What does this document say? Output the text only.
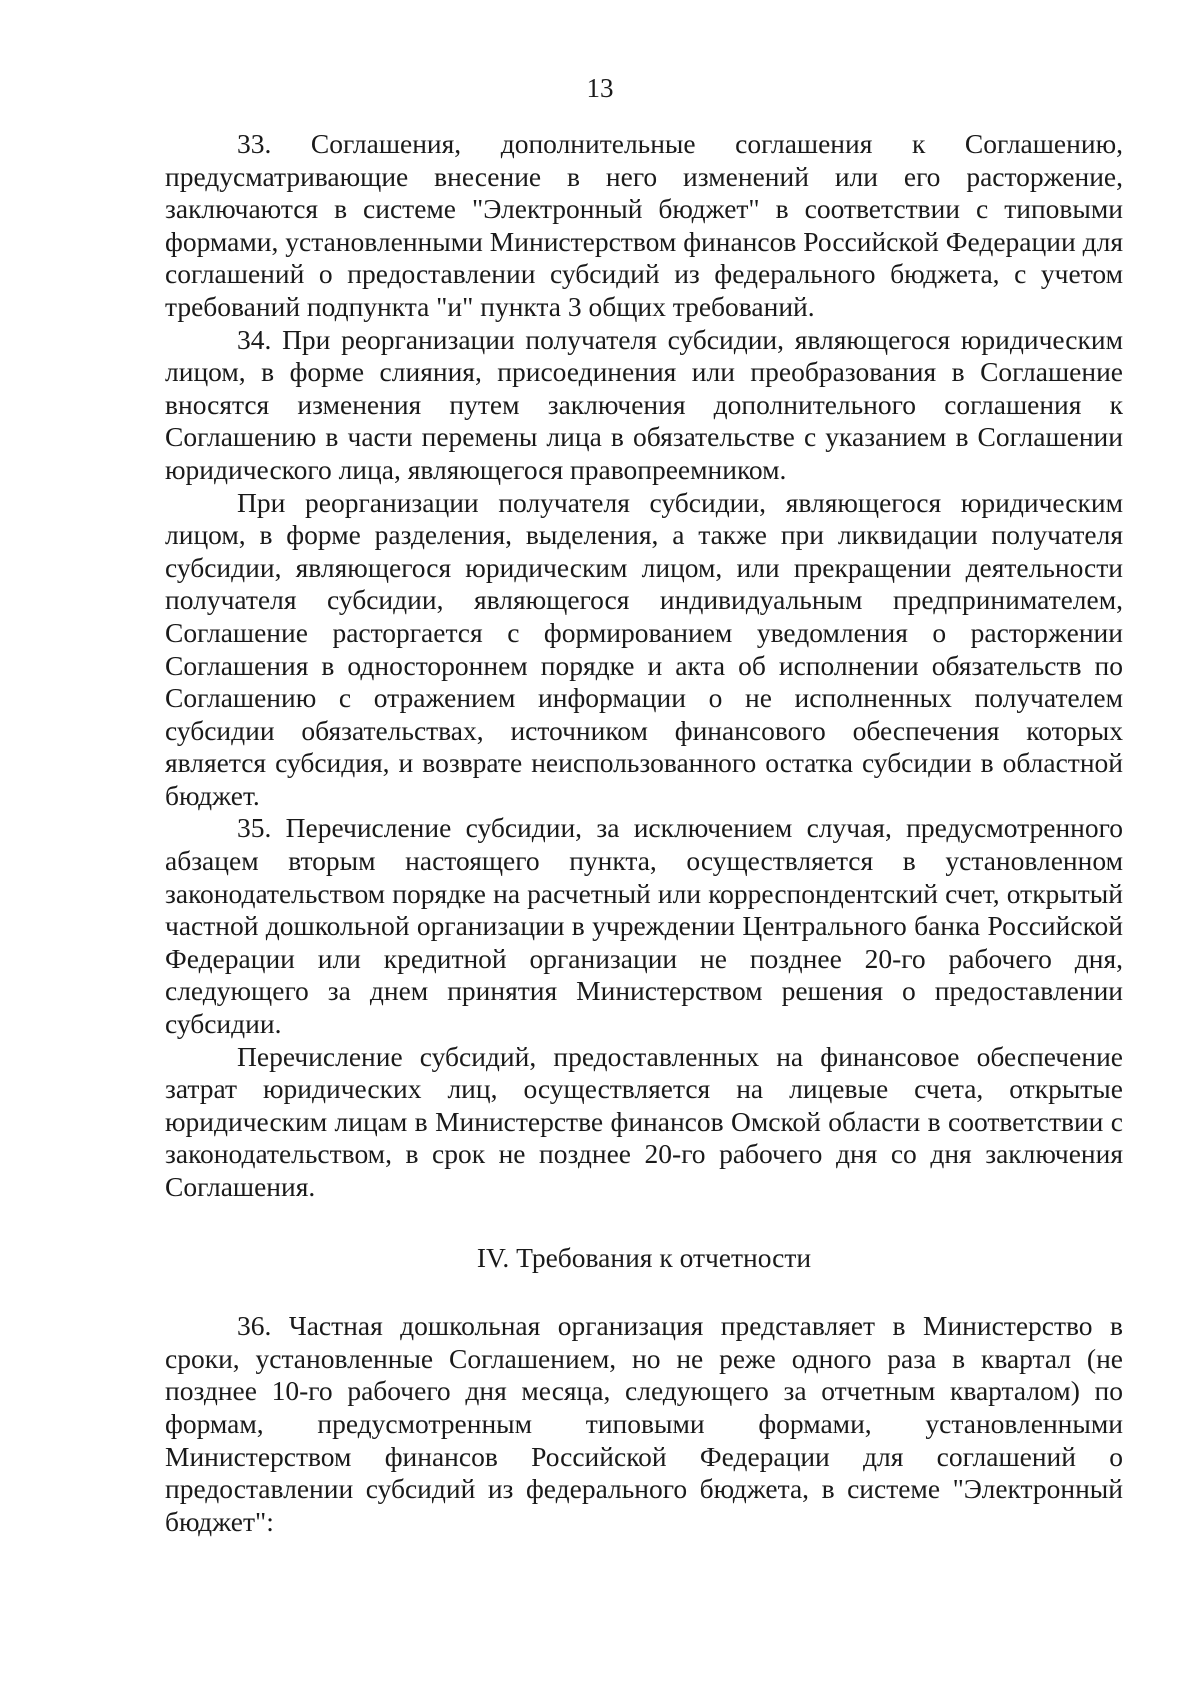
13

33. Соглашения, дополнительные соглашения к Соглашению, предусматривающие внесение в него изменений или его расторжение, заключаются в системе "Электронный бюджет" в соответствии с типовыми формами, установленными Министерством финансов Российской Федерации для соглашений о предоставлении субсидий из федерального бюджета, с учетом требований подпункта "и" пункта 3 общих требований.

34. При реорганизации получателя субсидии, являющегося юридическим лицом, в форме слияния, присоединения или преобразования в Соглашение вносятся изменения путем заключения дополнительного соглашения к Соглашению в части перемены лица в обязательстве с указанием в Соглашении юридического лица, являющегося правопреемником.

При реорганизации получателя субсидии, являющегося юридическим лицом, в форме разделения, выделения, а также при ликвидации получателя субсидии, являющегося юридическим лицом, или прекращении деятельности получателя субсидии, являющегося индивидуальным предпринимателем, Соглашение расторгается с формированием уведомления о расторжении Соглашения в одностороннем порядке и акта об исполнении обязательств по Соглашению с отражением информации о не исполненных получателем субсидии обязательствах, источником финансового обеспечения которых является субсидия, и возврате неиспользованного остатка субсидии в областной бюджет.

35. Перечисление субсидии, за исключением случая, предусмотренного абзацем вторым настоящего пункта, осуществляется в установленном законодательством порядке на расчетный или корреспондентский счет, открытый частной дошкольной организации в учреждении Центрального банка Российской Федерации или кредитной организации не позднее 20-го рабочего дня, следующего за днем принятия Министерством решения о предоставлении субсидии.

Перечисление субсидий, предоставленных на финансовое обеспечение затрат юридических лиц, осуществляется на лицевые счета, открытые юридическим лицам в Министерстве финансов Омской области в соответствии с законодательством, в срок не позднее 20-го рабочего дня со дня заключения Соглашения.

IV. Требования к отчетности

36. Частная дошкольная организация представляет в Министерство в сроки, установленные Соглашением, но не реже одного раза в квартал (не позднее 10-го рабочего дня месяца, следующего за отчетным кварталом) по формам, предусмотренным типовыми формами, установленными Министерством финансов Российской Федерации для соглашений о предоставлении субсидий из федерального бюджета, в системе "Электронный бюджет":
